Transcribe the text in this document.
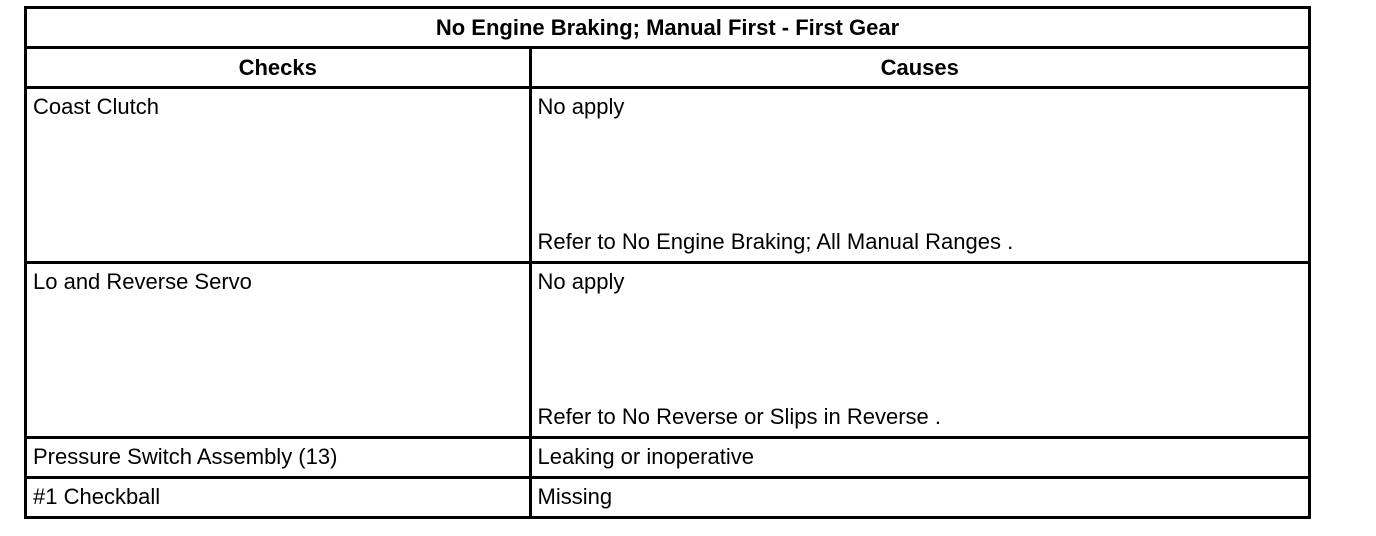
No Engine Braking; Manual First - First Gear	
Checks	Causes

Coast Clutch	No apply
Refer to No Engine Braking; All Manual Ranges .

Lo and Reverse Servo	No apply
Refer to No Reverse or Slips in Reverse .

Pressure Switch Assembly (13)	Leaking or inoperative

#1 Checkball	Missing
